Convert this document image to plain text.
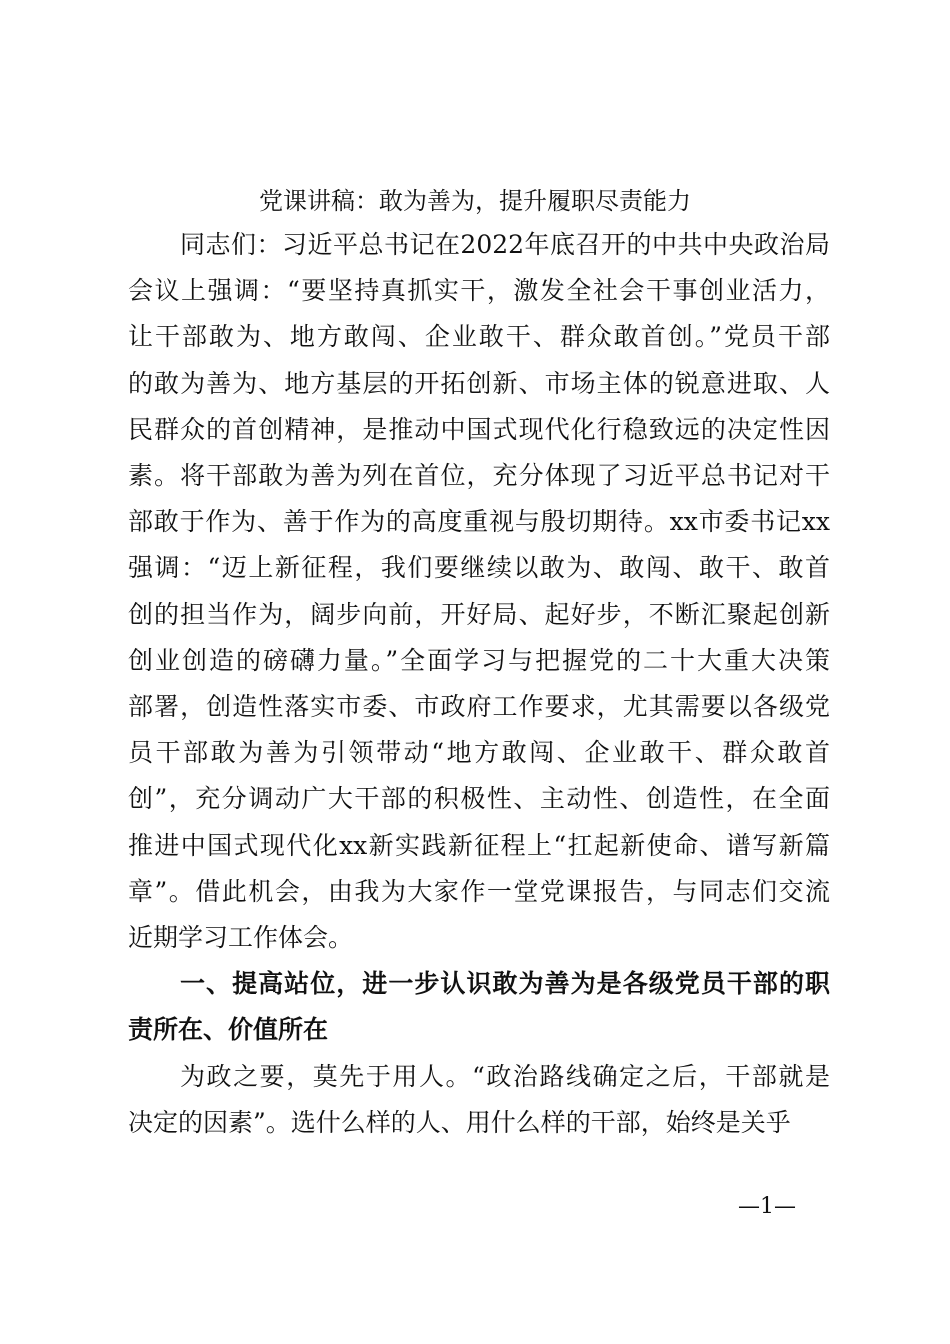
党课讲稿：敢为善为，提升履职尽责能力
同志们：习近平总书记在2022年底召开的中共中央政治局
会议上强调：“要坚持真抓实干，激发全社会干事创业活力，
让干部敢为、地方敢闯、企业敢干、群众敢首创。”党员干部
的敢为善为、地方基层的开拓创新、市场主体的锐意进取、人
民群众的首创精神，是推动中国式现代化行稳致远的决定性因
素。将干部敢为善为列在首位，充分体现了习近平总书记对干
部敢于作为、善于作为的高度重视与殷切期待。xx市委书记xx
强调：“迈上新征程，我们要继续以敢为、敢闯、敢干、敢首
创的担当作为，阔步向前，开好局、起好步，不断汇聚起创新
创业创造的磅礴力量。”全面学习与把握党的二十大重大决策
部署，创造性落实市委、市政府工作要求，尤其需要以各级党
员干部敢为善为引领带动“地方敢闯、企业敢干、群众敢首
创”，充分调动广大干部的积极性、主动性、创造性，在全面
推进中国式现代化xx新实践新征程上“扛起新使命、谱写新篇
章”。借此机会，由我为大家作一堂党课报告，与同志们交流
近期学习工作体会。
一、提高站位，进一步认识敢为善为是各级党员干部的职
责所在、价值所在
为政之要，莫先于用人。“政治路线确定之后，干部就是
决定的因素”。选什么样的人、用什么样的干部，始终是关乎
—1—
